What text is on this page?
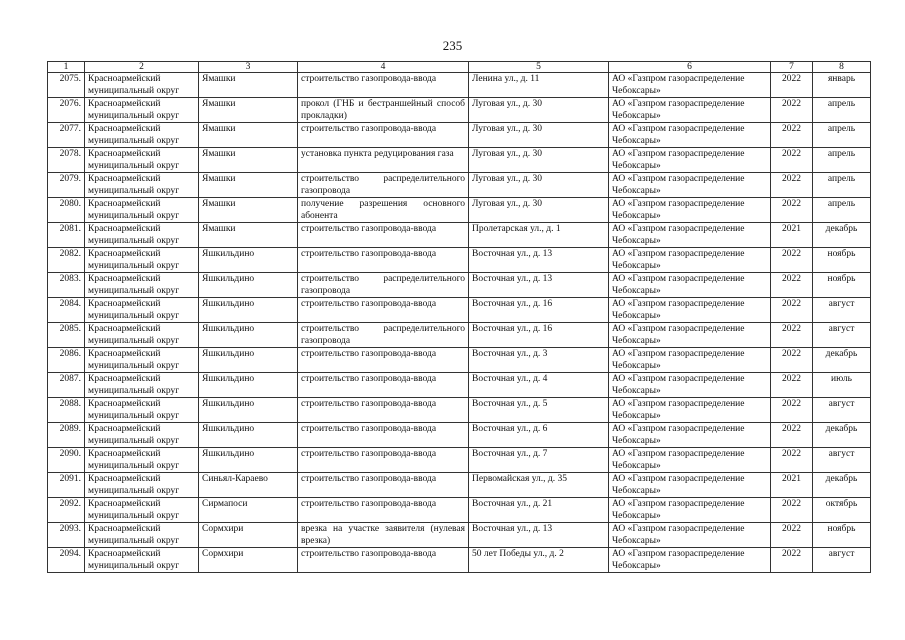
235
1	2	3	4	5	6	7	8
2075.	Красноармейский муниципальный округ	Ямашки	строительство газопровода-ввода	Ленина ул., д. 11	АО «Газпром газораспределение Чебоксары»	2022	январь
2076.	Красноармейский муниципальный округ	Ямашки	прокол (ГНБ и бестраншейный способ прокладки)	Луговая ул., д. 30	АО «Газпром газораспределение Чебоксары»	2022	апрель
2077.	Красноармейский муниципальный округ	Ямашки	строительство газопровода-ввода	Луговая ул., д. 30	АО «Газпром газораспределение Чебоксары»	2022	апрель
2078.	Красноармейский муниципальный округ	Ямашки	установка пункта редуцирования газа	Луговая ул., д. 30	АО «Газпром газораспределение Чебоксары»	2022	апрель
2079.	Красноармейский муниципальный округ	Ямашки	строительство распределительного газопровода	Луговая ул., д. 30	АО «Газпром газораспределение Чебоксары»	2022	апрель
2080.	Красноармейский муниципальный округ	Ямашки	получение разрешения основного абонента	Луговая ул., д. 30	АО «Газпром газораспределение Чебоксары»	2022	апрель
2081.	Красноармейский муниципальный округ	Ямашки	строительство газопровода-ввода	Пролетарская ул., д. 1	АО «Газпром газораспределение Чебоксары»	2021	декабрь
2082.	Красноармейский муниципальный округ	Яшкильдино	строительство газопровода-ввода	Восточная ул., д. 13	АО «Газпром газораспределение Чебоксары»	2022	ноябрь
2083.	Красноармейский муниципальный округ	Яшкильдино	строительство распределительного газопровода	Восточная ул., д. 13	АО «Газпром газораспределение Чебоксары»	2022	ноябрь
2084.	Красноармейский муниципальный округ	Яшкильдино	строительство газопровода-ввода	Восточная ул., д. 16	АО «Газпром газораспределение Чебоксары»	2022	август
2085.	Красноармейский муниципальный округ	Яшкильдино	строительство распределительного газопровода	Восточная ул., д. 16	АО «Газпром газораспределение Чебоксары»	2022	август
2086.	Красноармейский муниципальный округ	Яшкильдино	строительство газопровода-ввода	Восточная ул., д. 3	АО «Газпром газораспределение Чебоксары»	2022	декабрь
2087.	Красноармейский муниципальный округ	Яшкильдино	строительство газопровода-ввода	Восточная ул., д. 4	АО «Газпром газораспределение Чебоксары»	2022	июль
2088.	Красноармейский муниципальный округ	Яшкильдино	строительство газопровода-ввода	Восточная ул., д. 5	АО «Газпром газораспределение Чебоксары»	2022	август
2089.	Красноармейский муниципальный округ	Яшкильдино	строительство газопровода-ввода	Восточная ул., д. 6	АО «Газпром газораспределение Чебоксары»	2022	декабрь
2090.	Красноармейский муниципальный округ	Яшкильдино	строительство газопровода-ввода	Восточная ул., д. 7	АО «Газпром газораспределение Чебоксары»	2022	август
2091.	Красноармейский муниципальный округ	Синьял-Караево	строительство газопровода-ввода	Первомайская ул., д. 35	АО «Газпром газораспределение Чебоксары»	2021	декабрь
2092.	Красноармейский муниципальный округ	Сирмапоси	строительство газопровода-ввода	Восточная ул., д. 21	АО «Газпром газораспределение Чебоксары»	2022	октябрь
2093.	Красноармейский муниципальный округ	Сормхири	врезка на участке заявителя (нулевая врезка)	Восточная ул., д. 13	АО «Газпром газораспределение Чебоксары»	2022	ноябрь
2094.	Красноармейский муниципальный округ	Сормхири	строительство газопровода-ввода	50 лет Победы ул., д. 2	АО «Газпром газораспределение Чебоксары»	2022	август
